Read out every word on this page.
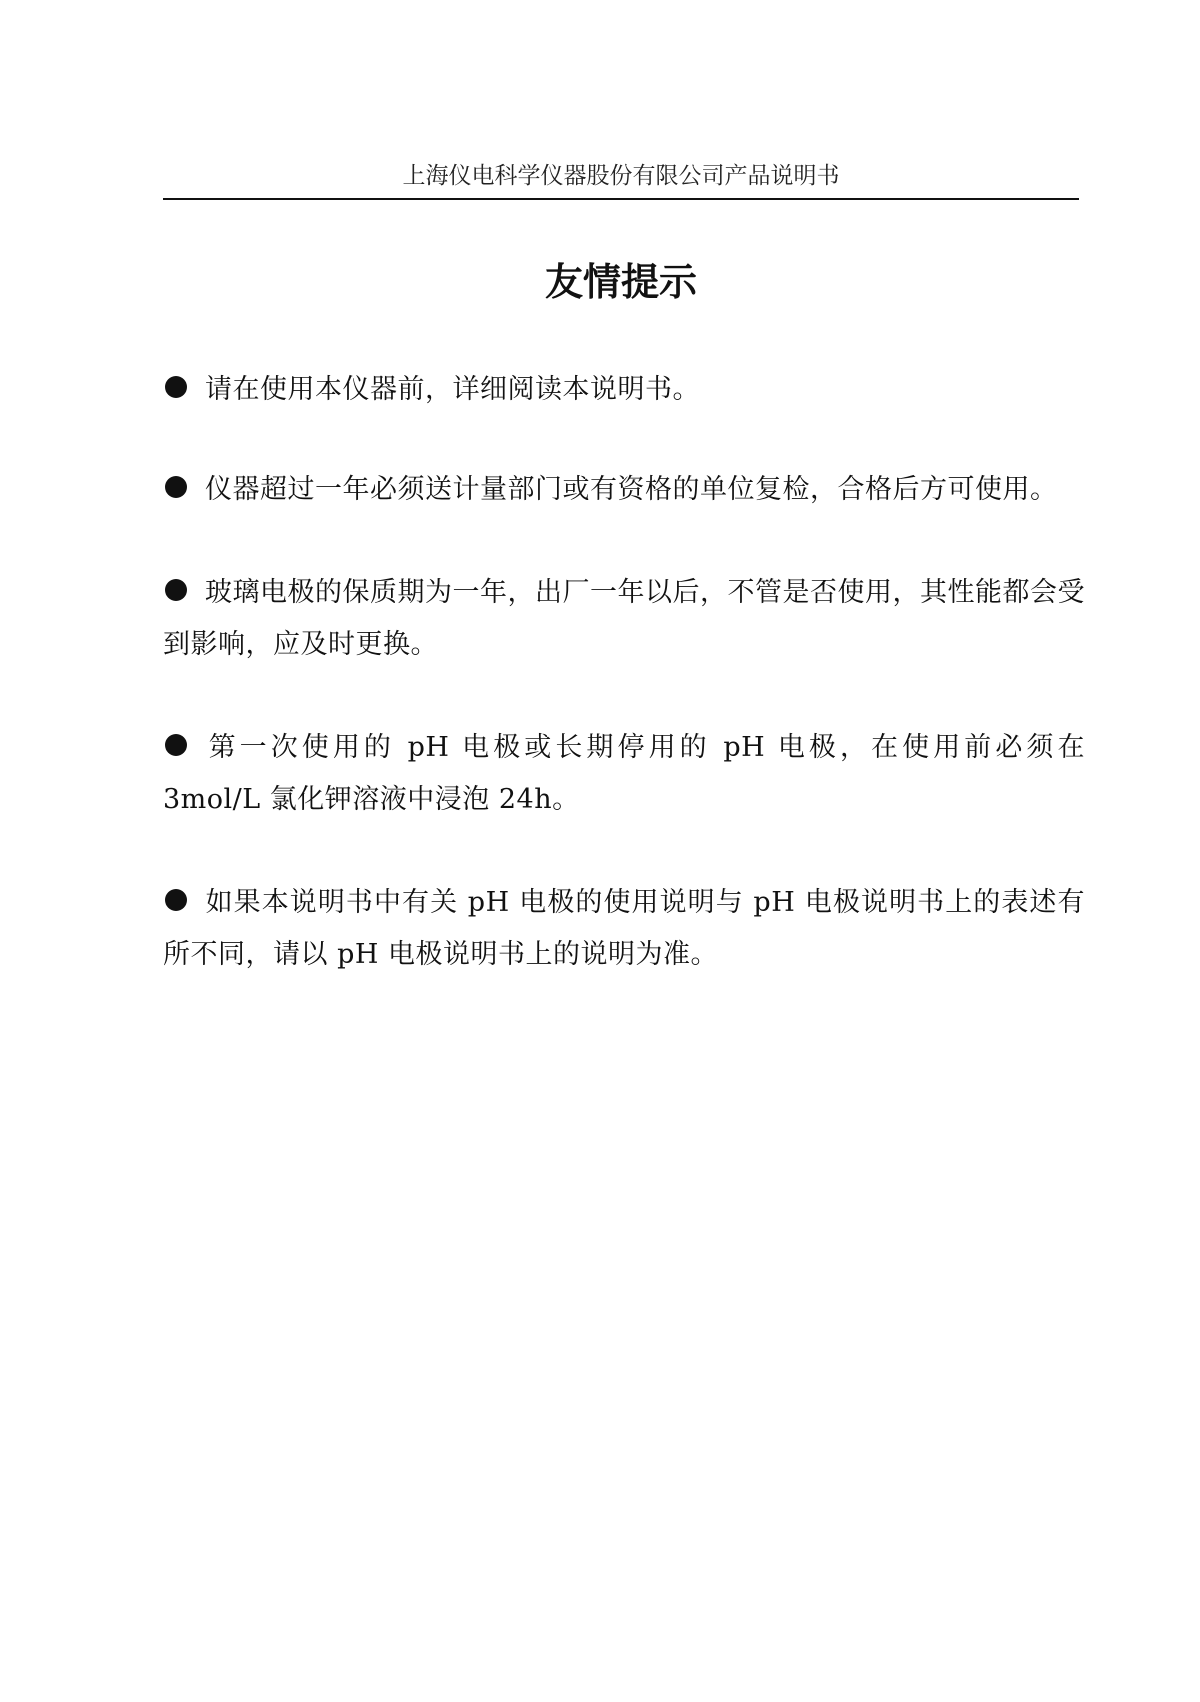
上海仪电科学仪器股份有限公司产品说明书
友情提示
请在使用本仪器前，详细阅读本说明书。
仪器超过一年必须送计量部门或有资格的单位复检，合格后方可使用。
玻璃电极的保质期为一年，出厂一年以后，不管是否使用，其性能都会受到影响，应及时更换。
第一次使用的 pH 电极或长期停用的 pH 电极，在使用前必须在 3mol/L 氯化钾溶液中浸泡 24h。
如果本说明书中有关 pH 电极的使用说明与 pH 电极说明书上的表述有所不同，请以 pH 电极说明书上的说明为准。
